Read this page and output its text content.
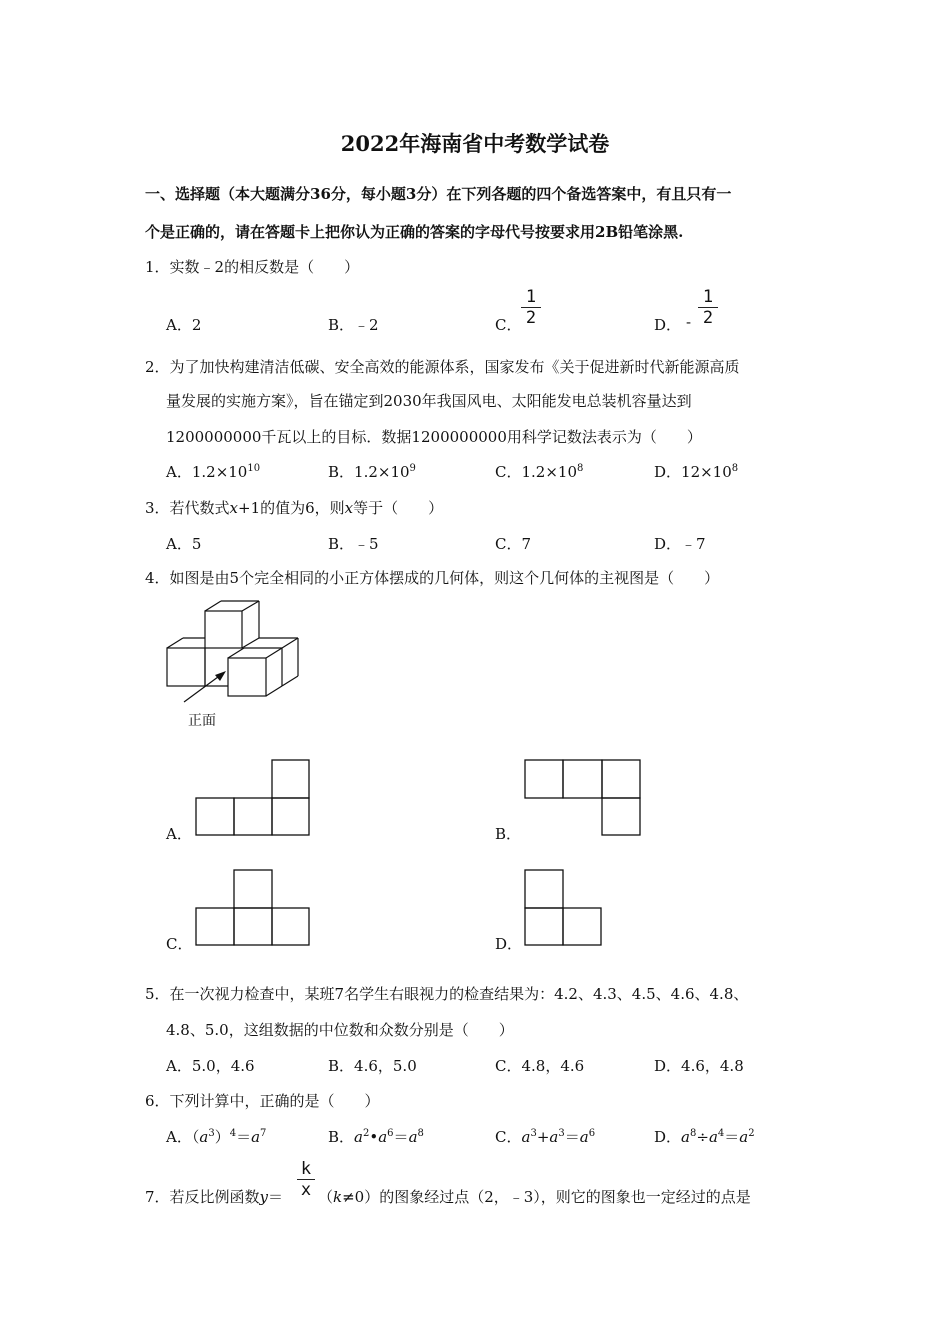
2022年海南省中考数学试卷
一、选择题（本大题满分36分，每小题3分）在下列各题的四个备选答案中，有且只有一
个是正确的，请在答题卡上把你认为正确的答案的字母代号按要求用2B铅笔涂黑.
1．实数﹣2的相反数是（　　）
A．2	B．﹣2	C．
1
2	D． -
1
2
2．为了加快构建清洁低碳、安全高效的能源体系，国家发布《关于促进新时代新能源高质
量发展的实施方案》，旨在锚定到2030年我国风电、太阳能发电总装机容量达到
1200000000千瓦以上的目标．数据1200000000用科学记数法表示为（　　）
A．$1.2\times 10^{10}$	B．$1.2\times 10^9$	C．$1.2\times 10^8$	D．$12\times 10^8$
3．若代数式x+1的值为6，则x等于（　　）
A．5	B．﹣5	C．7	D．﹣7
4．如图是由5个完全相同的小正方体摆成的几何体，则这个几何体的主视图是（　　）
正面
A．	B．
C．	D．
5．在一次视力检查中，某班7名学生右眼视力的检查结果为：4.2、4.3、4.5、4.6、4.8、
4.8、5.0，这组数据的中位数和众数分别是（　　）
A．5.0，4.6	B．4.6，5.0	C．4.8，4.6	D．4.6，4.8
6．下列计算中，正确的是（　　）
A．$(a^3)^4=a^7$	B．$a^2•a^6=a^8$	C．$a^3+a^3=a^6$	D．$a^8\div a^4=a^2$
7．若反比例函数y＝
k
x （k≠0）的图象经过点（2，﹣3），则它的图象也一定经过的点是
